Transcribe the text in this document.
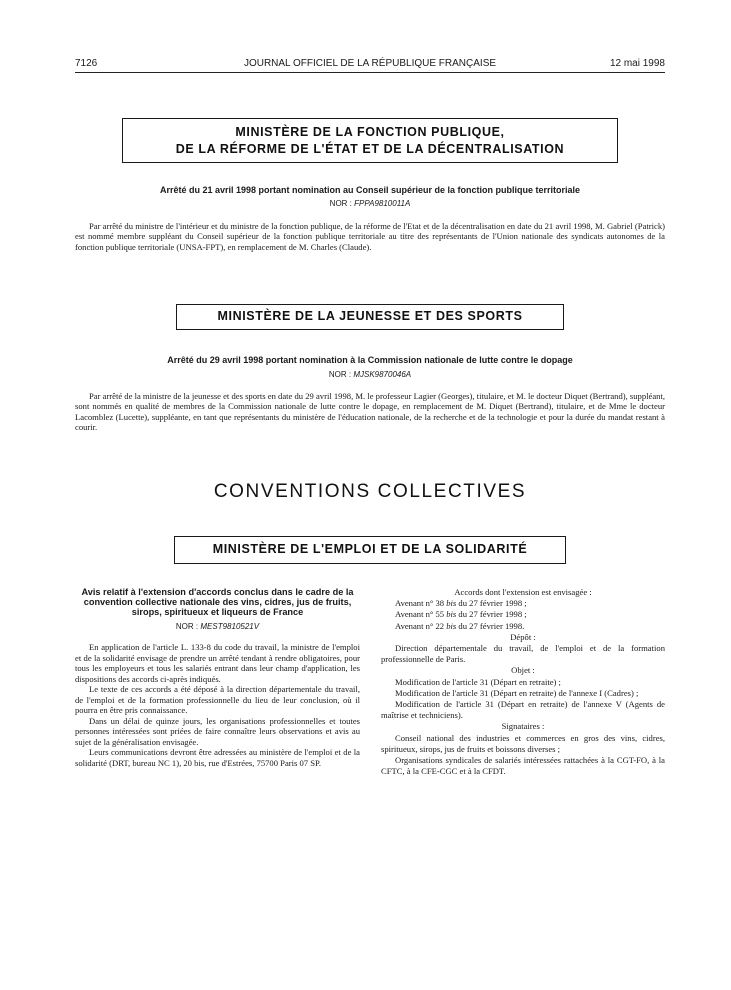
7126	JOURNAL OFFICIEL DE LA RÉPUBLIQUE FRANÇAISE	12 mai 1998
MINISTÈRE DE LA FONCTION PUBLIQUE,
DE LA RÉFORME DE L'ÉTAT ET DE LA DÉCENTRALISATION
Arrêté du 21 avril 1998 portant nomination au Conseil supérieur de la fonction publique territoriale
NOR : FPPA9810011A

Par arrêté du ministre de l'intérieur et du ministre de la fonction publique, de la réforme de l'Etat et de la décentralisation en date du 21 avril 1998, M. Gabriel (Patrick) est nommé membre suppléant du Conseil supérieur de la fonction publique territoriale au titre des représentants de l'Union nationale des syndicats autonomes de la fonction publique territoriale (UNSA-FPT), en remplacement de M. Charles (Claude).

MINISTÈRE DE LA JEUNESSE ET DES SPORTS
Arrêté du 29 avril 1998 portant nomination à la Commission nationale de lutte contre le dopage
NOR : MJSK9870046A

Par arrêté de la ministre de la jeunesse et des sports en date du 29 avril 1998, M. le professeur Lagier (Georges), titulaire, et M. le docteur Diquet (Bertrand), suppléant, sont nommés en qualité de membres de la Commission nationale de lutte contre le dopage, en remplacement de M. Diquet (Bertrand), titulaire, et de Mme le docteur Lacomblez (Lucette), suppléante, en tant que représentants du ministère de l'éducation nationale, de la recherche et de la technologie et pour la durée du mandat restant à courir.

CONVENTIONS COLLECTIVES
MINISTÈRE DE L'EMPLOI ET DE LA SOLIDARITÉ
Avis relatif à l'extension d'accords conclus dans le cadre de la convention collective nationale des vins, cidres, jus de fruits, sirops, spiritueux et liqueurs de France
NOR : MEST9810521V

En application de l'article L. 133-8 du code du travail, la ministre de l'emploi et de la solidarité envisage de prendre un arrêté tendant à rendre obligatoires, pour tous les employeurs et tous les salariés entrant dans leur champ d'application, les dispositions des accords ci-après indiqués.

Le texte de ces accords a été déposé à la direction départementale du travail, de l'emploi et de la formation professionnelle du lieu de leur conclusion, où il pourra en être pris connaissance.

Dans un délai de quinze jours, les organisations professionnelles et toutes personnes intéressées sont priées de faire connaître leurs observations et avis au sujet de la généralisation envisagée.

Leurs communications devront être adressées au ministère de l'emploi et de la solidarité (DRT, bureau NC 1), 20 bis, rue d'Estrées, 75700 Paris 07 SP.

Accords dont l'extension est envisagée :

Avenant n° 38 bis du 27 février 1998 ;

Avenant n° 55 bis du 27 février 1998 ;

Avenant n° 22 bis du 27 février 1998.

Dépôt :

Direction départementale du travail, de l'emploi et de la formation professionnelle de Paris.

Objet :

Modification de l'article 31 (Départ en retraite) ;

Modification de l'article 31 (Départ en retraite) de l'annexe I (Cadres) ;

Modification de l'article 31 (Départ en retraite) de l'annexe V (Agents de maîtrise et techniciens).

Signataires :

Conseil national des industries et commerces en gros des vins, cidres, spiritueux, sirops, jus de fruits et boissons diverses ;

Organisations syndicales de salariés intéressées rattachées à la CGT-FO, à la CFTC, à la CFE-CGC et à la CFDT.
